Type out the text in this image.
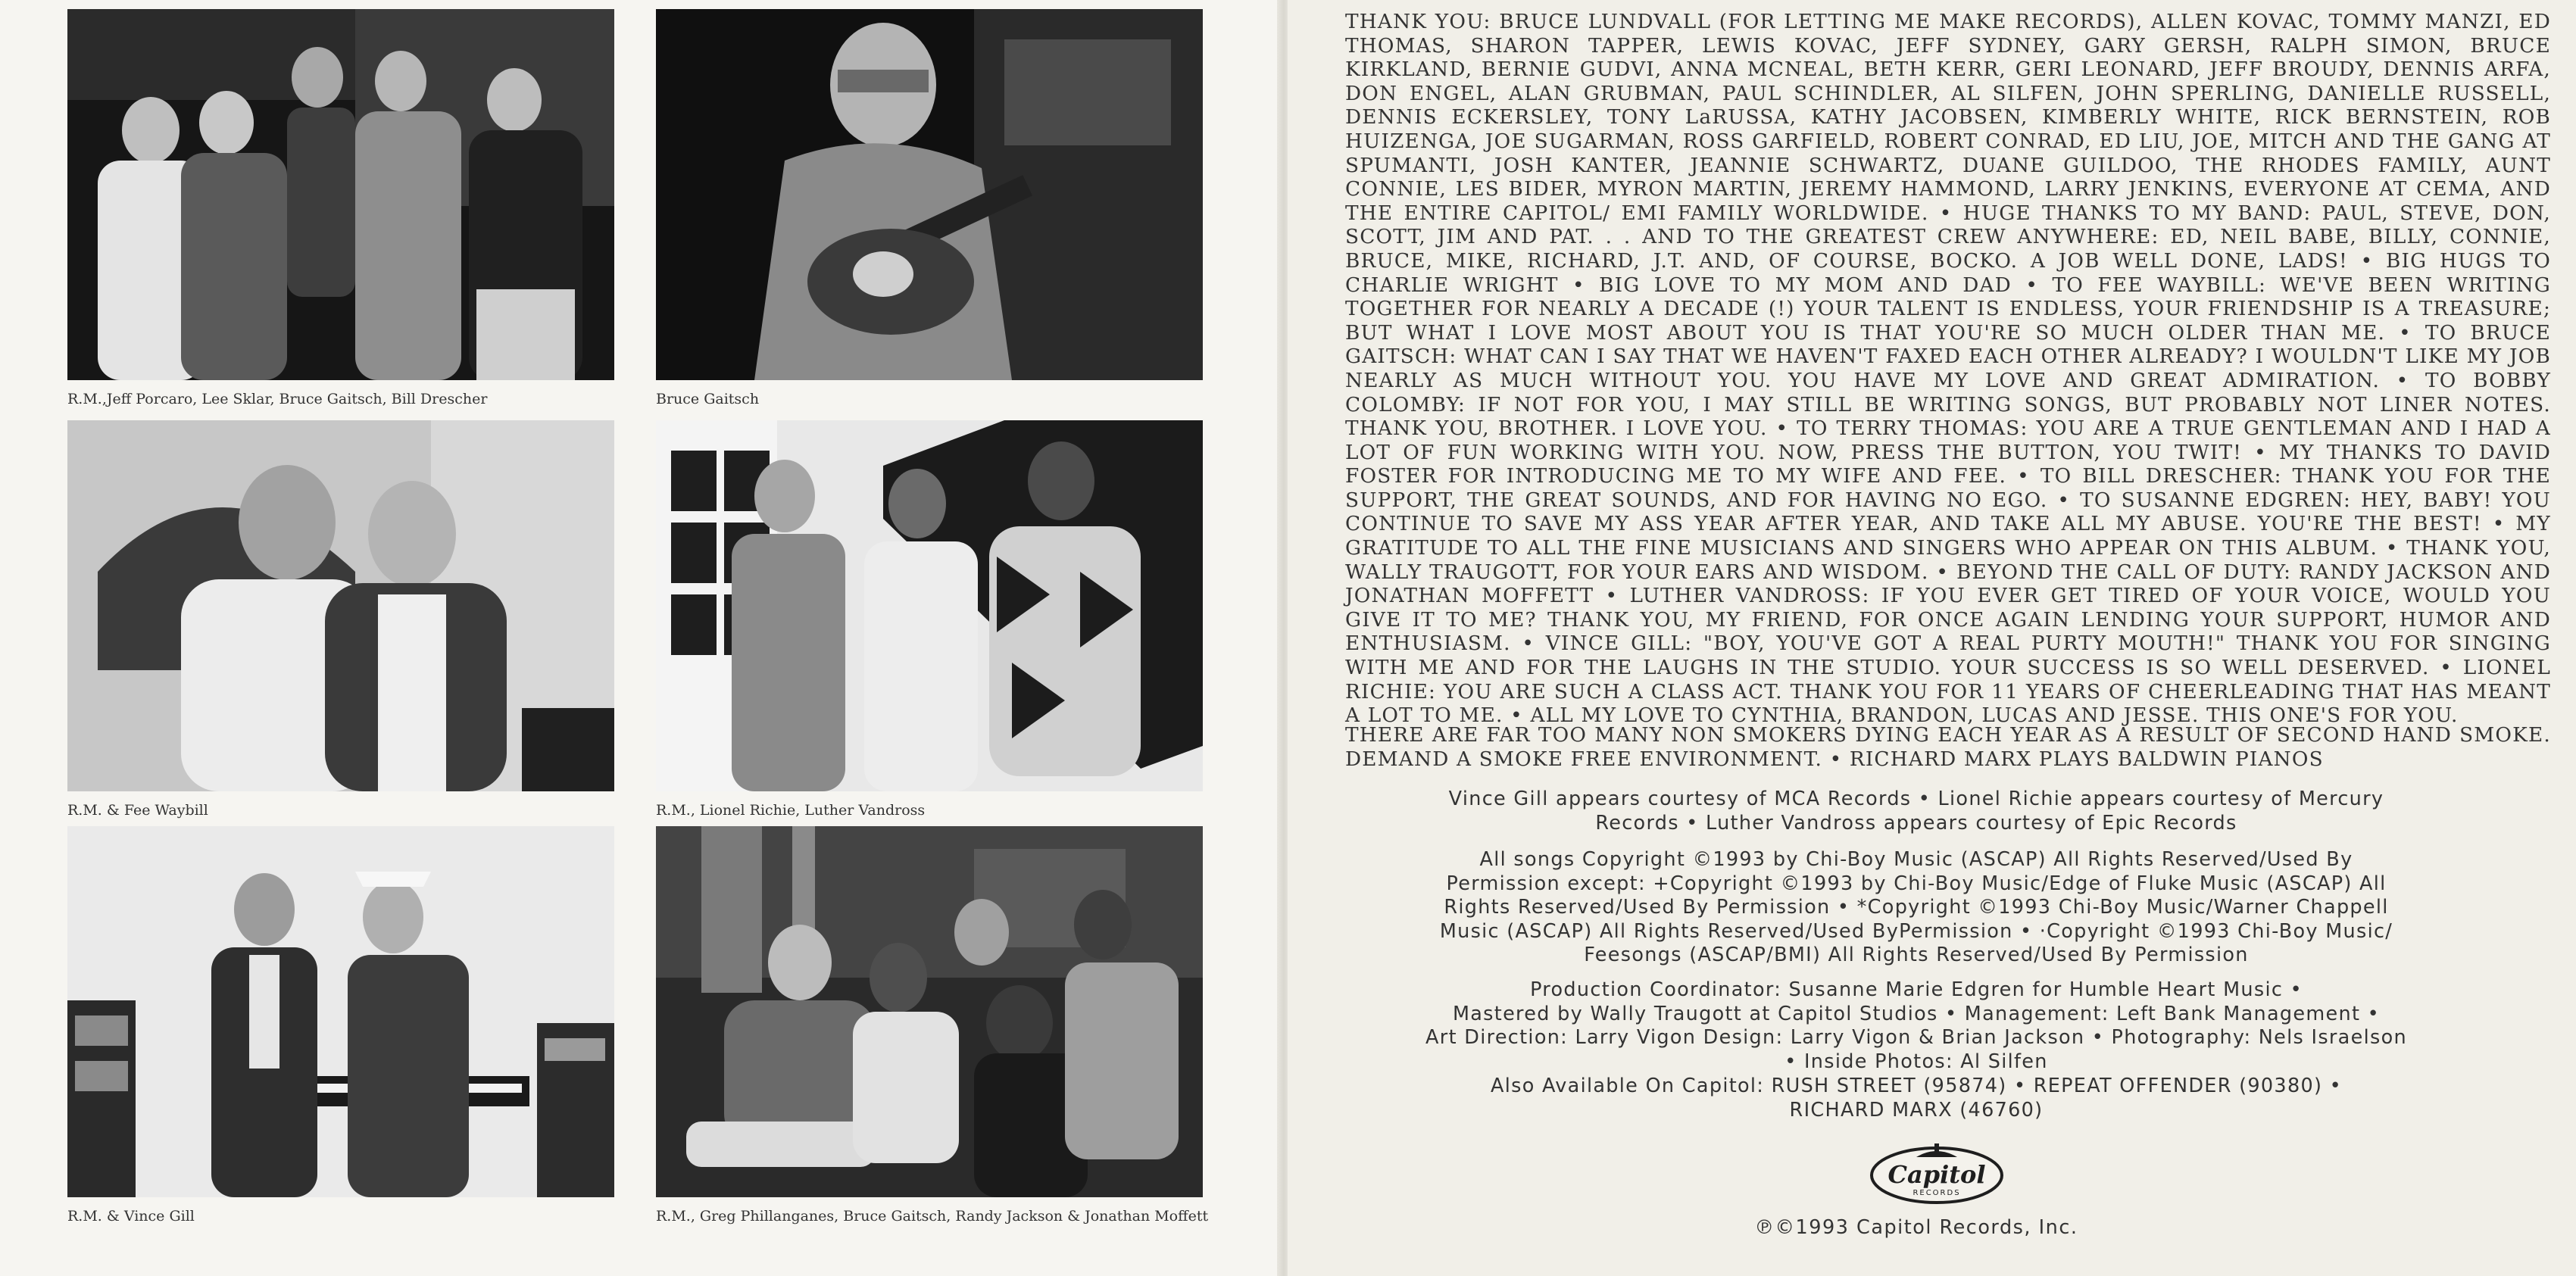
R.M.,Jeff Porcaro, Lee Sklar, Bruce Gaitsch, Bill Drescher	Bruce Gaitsch
R.M. & Fee Waybill	R.M., Lionel Richie, Luther Vandross
R.M. & Vince Gill	R.M., Greg Phillanganes, Bruce Gaitsch, Randy Jackson & Jonathan Moffett
THANK YOU: BRUCE LUNDVALL (FOR LETTING ME MAKE RECORDS), ALLEN KOVAC, TOMMY MANZI, ED THOMAS, SHARON TAPPER, LEWIS KOVAC, JEFF SYDNEY, GARY GERSH, RALPH SIMON, BRUCE KIRKLAND, BERNIE GUDVI, ANNA MCNEAL, BETH KERR, GERI LEONARD, JEFF BROUDY, DENNIS ARFA, DON ENGEL, ALAN GRUBMAN, PAUL SCHINDLER, AL SILFEN, JOHN SPERLING, DANIELLE RUSSELL, DENNIS ECKERSLEY, TONY LaRUSSA, KATHY JACOBSEN, KIMBERLY WHITE, RICK BERNSTEIN, ROB HUIZENGA, JOE SUGARMAN, ROSS GARFIELD, ROBERT CONRAD, ED LIU, JOE, MITCH AND THE GANG AT SPUMANTI, JOSH KANTER, JEANNIE SCHWARTZ, DUANE GUILDOO, THE RHODES FAMILY, AUNT CONNIE, LES BIDER, MYRON MARTIN, JEREMY HAMMOND, LARRY JENKINS, EVERYONE AT CEMA, AND THE ENTIRE CAPITOL/ EMI FAMILY WORLDWIDE. • HUGE THANKS TO MY BAND: PAUL, STEVE, DON, SCOTT, JIM AND PAT. . . AND TO THE GREATEST CREW ANYWHERE: ED, NEIL BABE, BILLY, CONNIE, BRUCE, MIKE, RICHARD, J.T. AND, OF COURSE, BOCKO. A JOB WELL DONE, LADS! • BIG HUGS TO CHARLIE WRIGHT • BIG LOVE TO MY MOM AND DAD • TO FEE WAYBILL: WE'VE BEEN WRITING TOGETHER FOR NEARLY A DECADE (!) YOUR TALENT IS ENDLESS, YOUR FRIENDSHIP IS A TREASURE; BUT WHAT I LOVE MOST ABOUT YOU IS THAT YOU'RE SO MUCH OLDER THAN ME. • TO BRUCE GAITSCH: WHAT CAN I SAY THAT WE HAVEN'T FAXED EACH OTHER ALREADY? I WOULDN'T LIKE MY JOB NEARLY AS MUCH WITHOUT YOU. YOU HAVE MY LOVE AND GREAT ADMIRATION. • TO BOBBY COLOMBY: IF NOT FOR YOU, I MAY STILL BE WRITING SONGS, BUT PROBABLY NOT LINER NOTES. THANK YOU, BROTHER. I LOVE YOU. • TO TERRY THOMAS: YOU ARE A TRUE GENTLEMAN AND I HAD A LOT OF FUN WORKING WITH YOU. NOW, PRESS THE BUTTON, YOU TWIT! • MY THANKS TO DAVID FOSTER FOR INTRODUCING ME TO MY WIFE AND FEE. • TO BILL DRESCHER: THANK YOU FOR THE SUPPORT, THE GREAT SOUNDS, AND FOR HAVING NO EGO. • TO SUSANNE EDGREN: HEY, BABY! YOU CONTINUE TO SAVE MY ASS YEAR AFTER YEAR, AND TAKE ALL MY ABUSE. YOU'RE THE BEST! • MY GRATITUDE TO ALL THE FINE MUSICIANS AND SINGERS WHO APPEAR ON THIS ALBUM. • THANK YOU, WALLY TRAUGOTT, FOR YOUR EARS AND WISDOM. • BEYOND THE CALL OF DUTY: RANDY JACKSON AND JONATHAN MOFFETT • LUTHER VANDROSS: IF YOU EVER GET TIRED OF YOUR VOICE, WOULD YOU GIVE IT TO ME? THANK YOU, MY FRIEND, FOR ONCE AGAIN LENDING YOUR SUPPORT, HUMOR AND ENTHUSIASM. • VINCE GILL: "BOY, YOU'VE GOT A REAL PURTY MOUTH!" THANK YOU FOR SINGING WITH ME AND FOR THE LAUGHS IN THE STUDIO. YOUR SUCCESS IS SO WELL DESERVED. • LIONEL RICHIE: YOU ARE SUCH A CLASS ACT. THANK YOU FOR 11 YEARS OF CHEERLEADING THAT HAS MEANT A LOT TO ME. • ALL MY LOVE TO CYNTHIA, BRANDON, LUCAS AND JESSE. THIS ONE'S FOR YOU.
THERE ARE FAR TOO MANY NON SMOKERS DYING EACH YEAR AS A RESULT OF SECOND HAND SMOKE. DEMAND A SMOKE FREE ENVIRONMENT. • RICHARD MARX PLAYS BALDWIN PIANOS

Vince Gill appears courtesy of MCA Records • Lionel Richie appears courtesy of Mercury

Records • Luther Vandross appears courtesy of Epic Records

All songs Copyright ©1993 by Chi-Boy Music (ASCAP) All Rights Reserved/Used By

Permission except: +Copyright ©1993 by Chi-Boy Music/Edge of Fluke Music (ASCAP) All

Rights Reserved/Used By Permission • *Copyright ©1993 Chi-Boy Music/Warner Chappell

Music (ASCAP) All Rights Reserved/Used ByPermission • ·Copyright ©1993 Chi-Boy Music/

Feesongs (ASCAP/BMI) All Rights Reserved/Used By Permission

Production Coordinator: Susanne Marie Edgren for Humble Heart Music •

Mastered by Wally Traugott at Capitol Studios • Management: Left Bank Management •

Art Direction: Larry Vigon Design: Larry Vigon & Brian Jackson • Photography: Nels Israelson

• Inside Photos: Al Silfen

Also Available On Capitol: RUSH STREET (95874) • REPEAT OFFENDER (90380) •

RICHARD MARX (46760)

Capitol
RECORDS
℗©1993 Capitol Records, Inc.
